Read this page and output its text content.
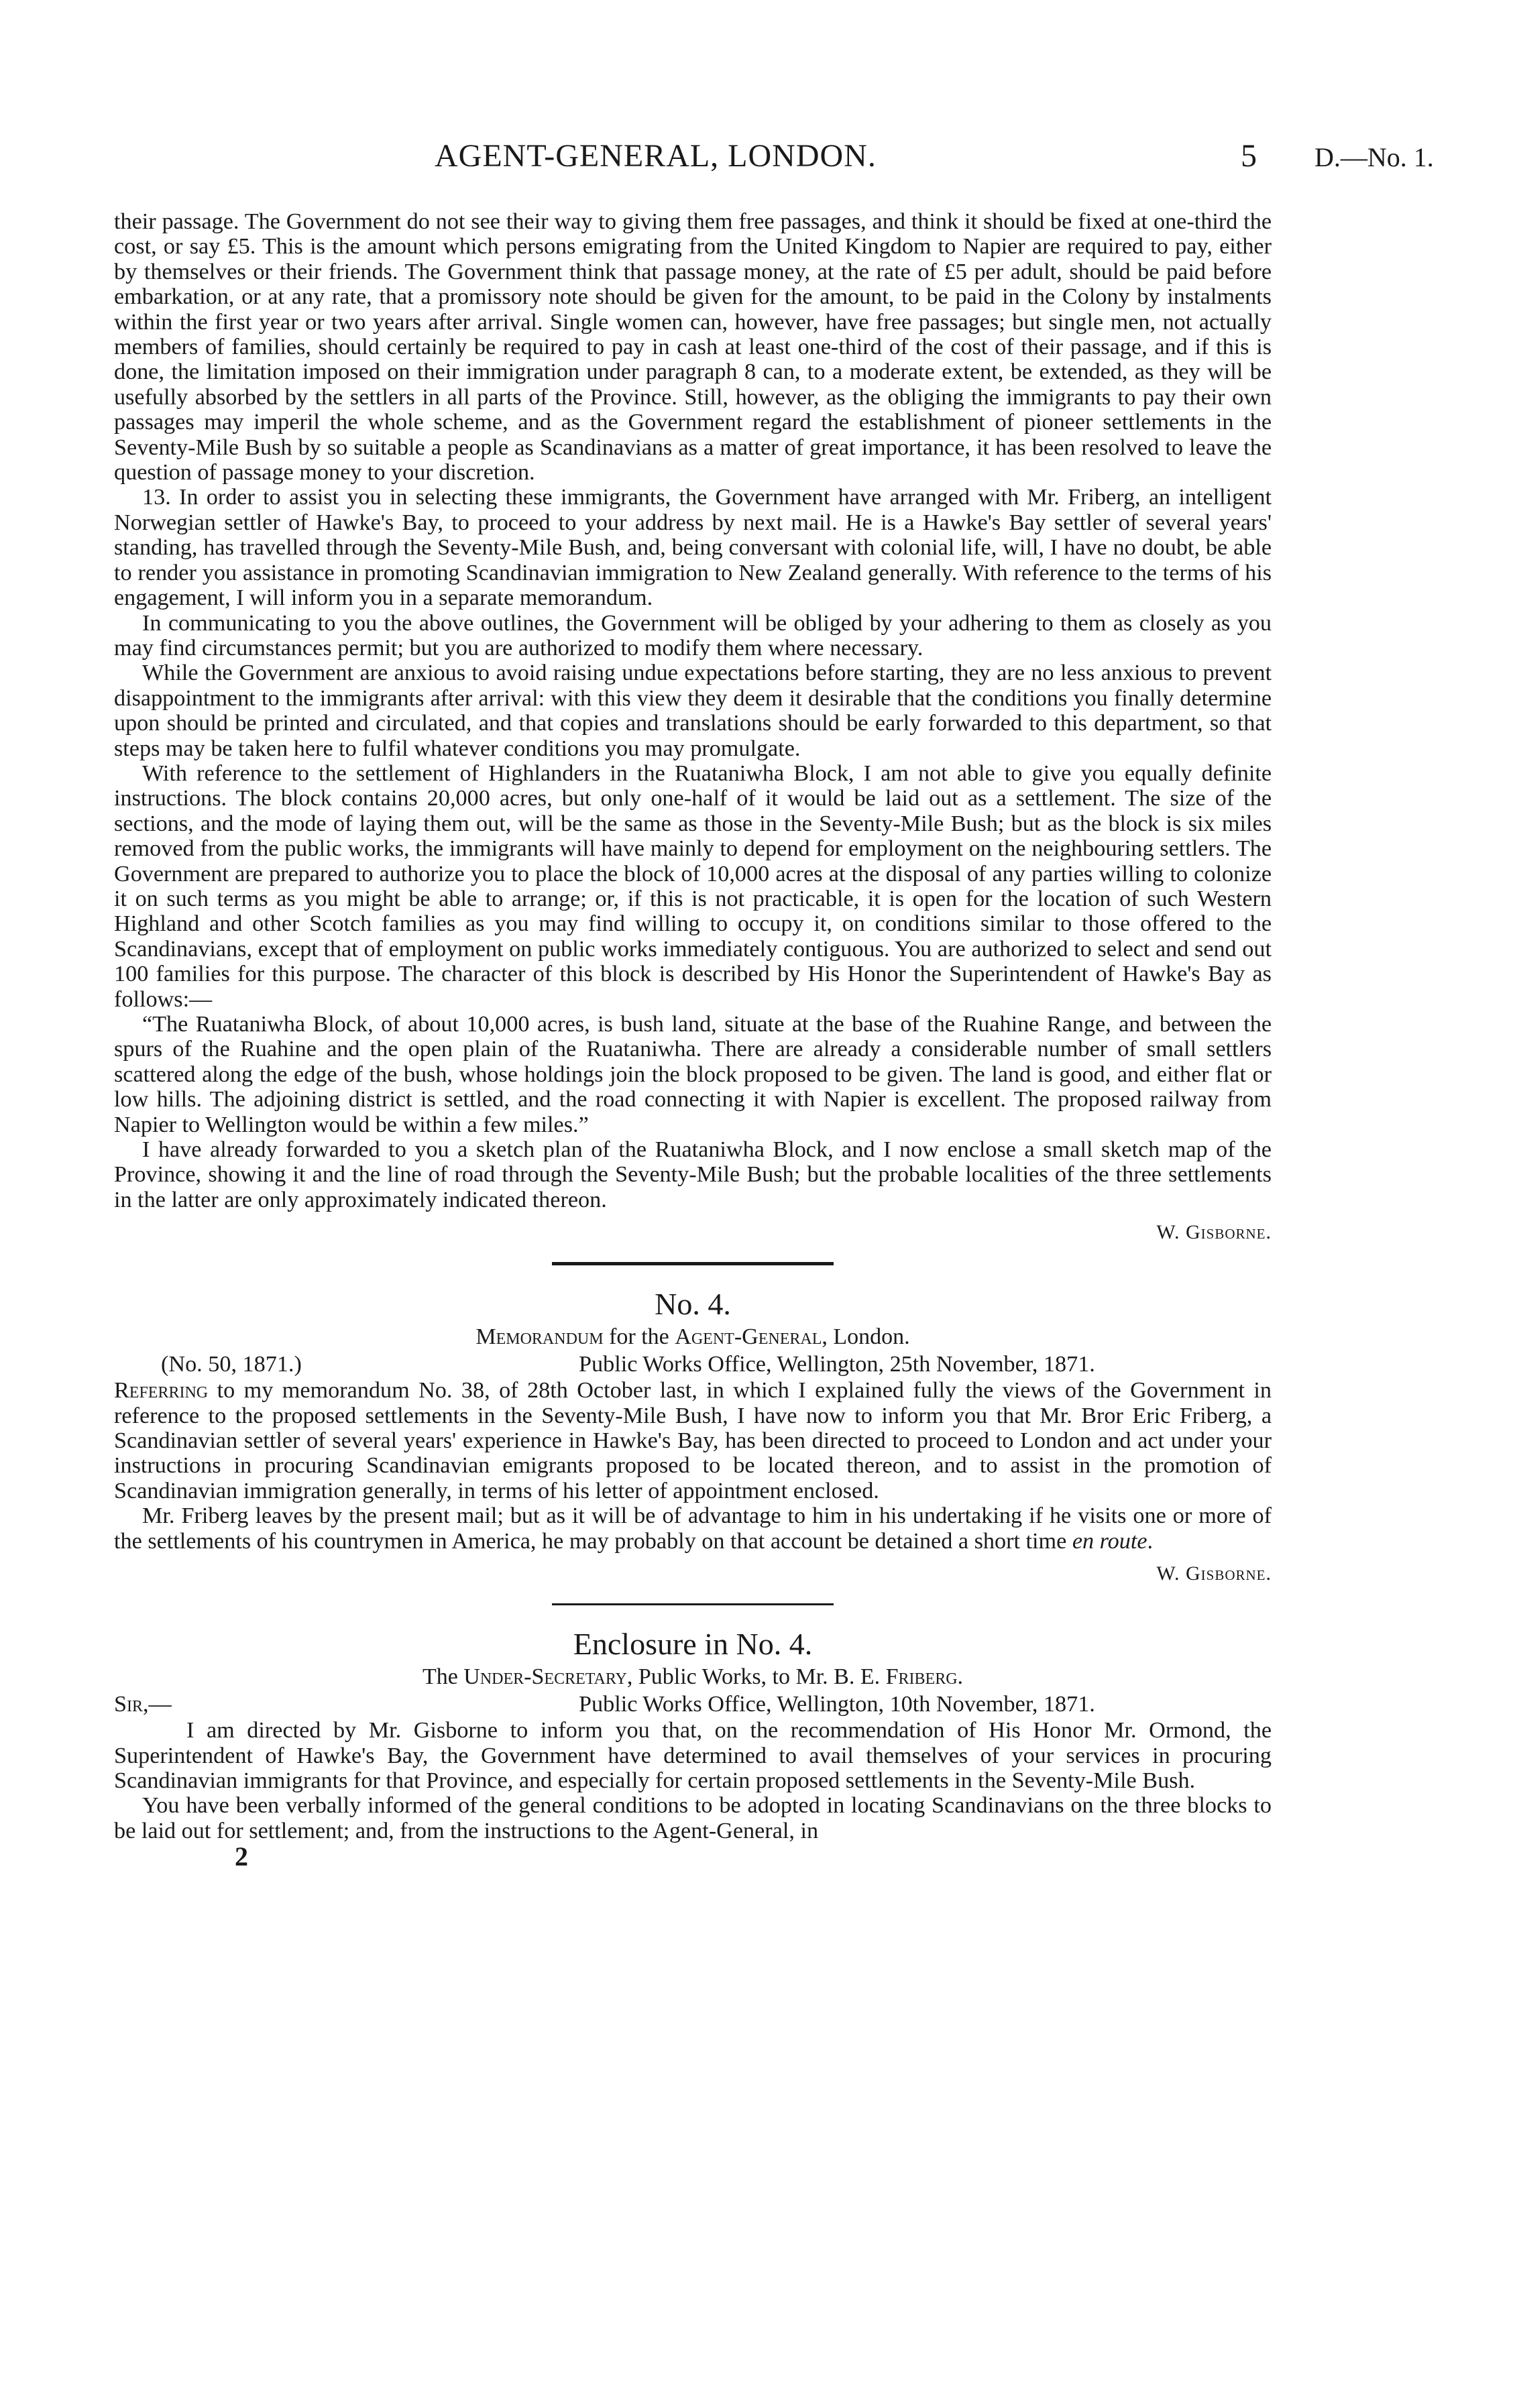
AGENT-GENERAL, LONDON.	5 D.—No. 1.

their passage. The Government do not see their way to giving them free passages, and think it should be fixed at one-third the cost, or say £5. This is the amount which persons emigrating from the United Kingdom to Napier are required to pay, either by themselves or their friends. The Government think that passage money, at the rate of £5 per adult, should be paid before embarkation, or at any rate, that a promissory note should be given for the amount, to be paid in the Colony by instalments within the first year or two years after arrival. Single women can, however, have free passages; but single men, not actually members of families, should certainly be required to pay in cash at least one-third of the cost of their passage, and if this is done, the limitation imposed on their immigration under paragraph 8 can, to a moderate extent, be extended, as they will be usefully absorbed by the settlers in all parts of the Province. Still, however, as the obliging the immigrants to pay their own passages may imperil the whole scheme, and as the Government regard the establishment of pioneer settlements in the Seventy-Mile Bush by so suitable a people as Scandinavians as a matter of great importance, it has been resolved to leave the question of passage money to your discretion.

13. In order to assist you in selecting these immigrants, the Government have arranged with Mr. Friberg, an intelligent Norwegian settler of Hawke's Bay, to proceed to your address by next mail. He is a Hawke's Bay settler of several years' standing, has travelled through the Seventy-Mile Bush, and, being conversant with colonial life, will, I have no doubt, be able to render you assistance in promoting Scandinavian immigration to New Zealand generally. With reference to the terms of his engagement, I will inform you in a separate memorandum.

In communicating to you the above outlines, the Government will be obliged by your adhering to them as closely as you may find circumstances permit; but you are authorized to modify them where necessary.

While the Government are anxious to avoid raising undue expectations before starting, they are no less anxious to prevent disappointment to the immigrants after arrival: with this view they deem it desirable that the conditions you finally determine upon should be printed and circulated, and that copies and translations should be early forwarded to this department, so that steps may be taken here to fulfil whatever conditions you may promulgate.

With reference to the settlement of Highlanders in the Ruataniwha Block, I am not able to give you equally definite instructions. The block contains 20,000 acres, but only one-half of it would be laid out as a settlement. The size of the sections, and the mode of laying them out, will be the same as those in the Seventy-Mile Bush; but as the block is six miles removed from the public works, the immigrants will have mainly to depend for employment on the neighbouring settlers. The Government are prepared to authorize you to place the block of 10,000 acres at the disposal of any parties willing to colonize it on such terms as you might be able to arrange; or, if this is not practicable, it is open for the location of such Western Highland and other Scotch families as you may find willing to occupy it, on conditions similar to those offered to the Scandinavians, except that of employment on public works immediately contiguous. You are authorized to select and send out 100 families for this purpose. The character of this block is described by His Honor the Superintendent of Hawke's Bay as follows:—

“The Ruataniwha Block, of about 10,000 acres, is bush land, situate at the base of the Ruahine Range, and between the spurs of the Ruahine and the open plain of the Ruataniwha. There are already a considerable number of small settlers scattered along the edge of the bush, whose holdings join the block proposed to be given. The land is good, and either flat or low hills. The adjoining district is settled, and the road connecting it with Napier is excellent. The proposed railway from Napier to Wellington would be within a few miles.”

I have already forwarded to you a sketch plan of the Ruataniwha Block, and I now enclose a small sketch map of the Province, showing it and the line of road through the Seventy-Mile Bush; but the probable localities of the three settlements in the latter are only approximately indicated thereon.

W. Gisborne.
No. 4.
Memorandum for the Agent-General, London.
(No. 50, 1871.)	Public Works Office, Wellington, 25th November, 1871.

Referring to my memorandum No. 38, of 28th October last, in which I explained fully the views of the Government in reference to the proposed settlements in the Seventy-Mile Bush, I have now to inform you that Mr. Bror Eric Friberg, a Scandinavian settler of several years' experience in Hawke's Bay, has been directed to proceed to London and act under your instructions in procuring Scandinavian emigrants proposed to be located thereon, and to assist in the promotion of Scandinavian immigration generally, in terms of his letter of appointment enclosed.

Mr. Friberg leaves by the present mail; but as it will be of advantage to him in his undertaking if he visits one or more of the settlements of his countrymen in America, he may probably on that account be detained a short time en route.

W. Gisborne.
Enclosure in No. 4.
The Under-Secretary, Public Works, to Mr. B. E. Friberg.
Sir,—	Public Works Office, Wellington, 10th November, 1871.

I am directed by Mr. Gisborne to inform you that, on the recommendation of His Honor Mr. Ormond, the Superintendent of Hawke's Bay, the Government have determined to avail themselves of your services in procuring Scandinavian immigrants for that Province, and especially for certain proposed settlements in the Seventy-Mile Bush.

You have been verbally informed of the general conditions to be adopted in locating Scandinavians on the three blocks to be laid out for settlement; and, from the instructions to the Agent-General, in

2
